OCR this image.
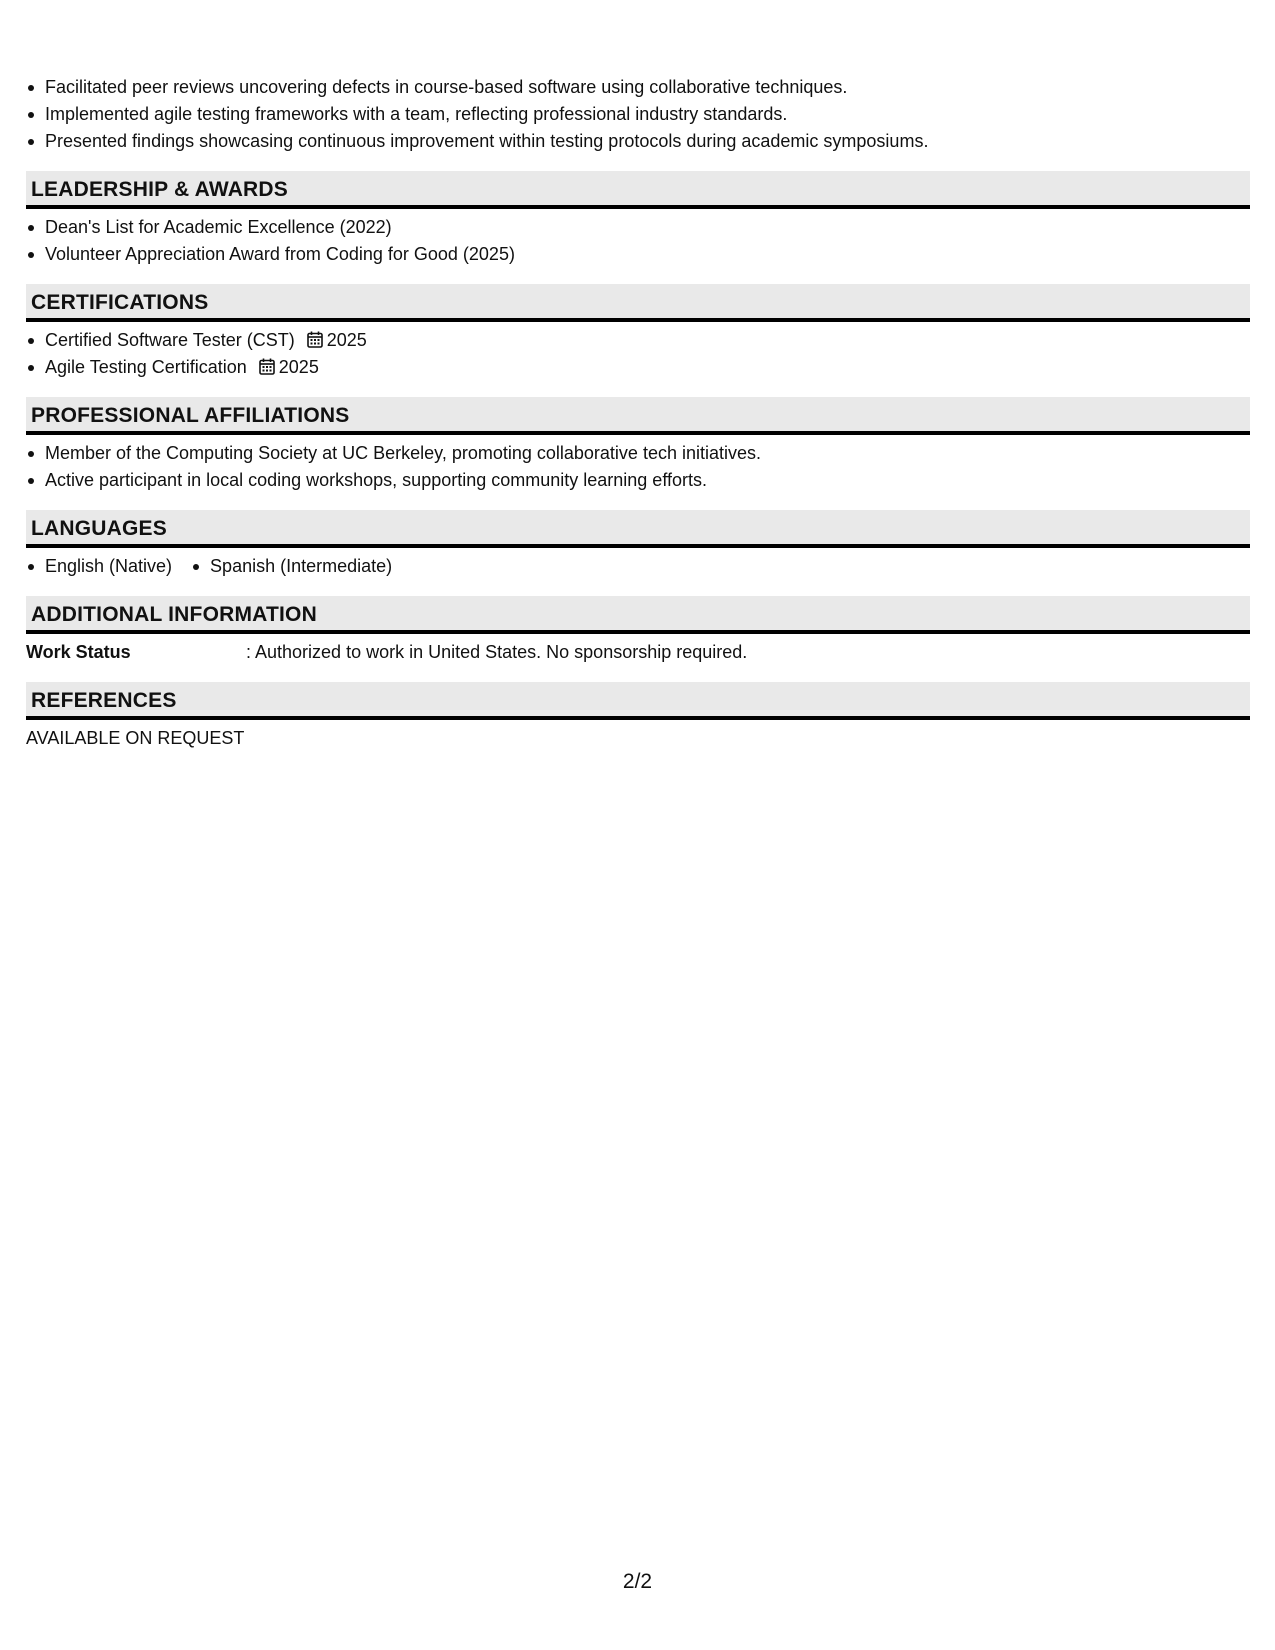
Facilitated peer reviews uncovering defects in course-based software using collaborative techniques.
Implemented agile testing frameworks with a team, reflecting professional industry standards.
Presented findings showcasing continuous improvement within testing protocols during academic symposiums.
LEADERSHIP & AWARDS
Dean's List for Academic Excellence (2022)
Volunteer Appreciation Award from Coding for Good (2025)
CERTIFICATIONS
Certified Software Tester (CST) 2025
Agile Testing Certification 2025
PROFESSIONAL AFFILIATIONS
Member of the Computing Society at UC Berkeley, promoting collaborative tech initiatives.
Active participant in local coding workshops, supporting community learning efforts.
LANGUAGES
English (Native) Spanish (Intermediate)
ADDITIONAL INFORMATION
Work Status	: Authorized to work in United States. No sponsorship required.
REFERENCES
AVAILABLE ON REQUEST
2/2
